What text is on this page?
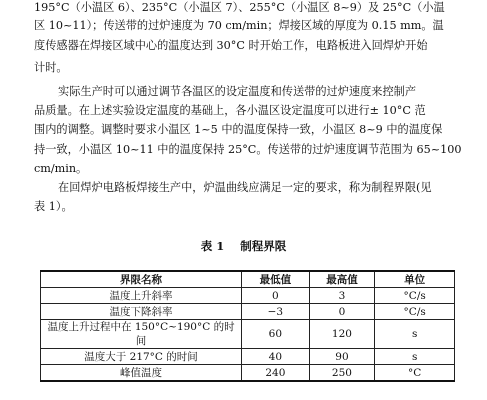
195°C（小温区 6）、235°C（小温区 7）、255°C（小温区 8~9）及 25°C（小温
区 10~11）；传送带的过炉速度为 70 cm/min；焊接区域的厚度为 0.15 mm。温
度传感器在焊接区域中心的温度达到 30°C 时开始工作，电路板进入回焊炉开始
计时。
实际生产时可以通过调节各温区的设定温度和传送带的过炉速度来控制产
品质量。在上述实验设定温度的基础上，各小温区设定温度可以进行± 10°C 范
围内的调整。调整时要求小温区 1~5 中的温度保持一致，小温区 8~9 中的温度保
持一致，小温区 10~11 中的温度保持 25°C。传送带的过炉速度调节范围为 65~100
cm/min。
在回焊炉电路板焊接生产中，炉温曲线应满足一定的要求，称为制程界限(见
表 1）。
表 1 制程界限
界限名称	最低值	最高值	单位
温度上升斜率	0	3	°C/s
温度下降斜率	−3	0	°C/s
温度上升过程中在 150°C~190°C 的时间	60	120	s
温度大于 217°C 的时间	40	90	s
峰值温度	240	250	°C
